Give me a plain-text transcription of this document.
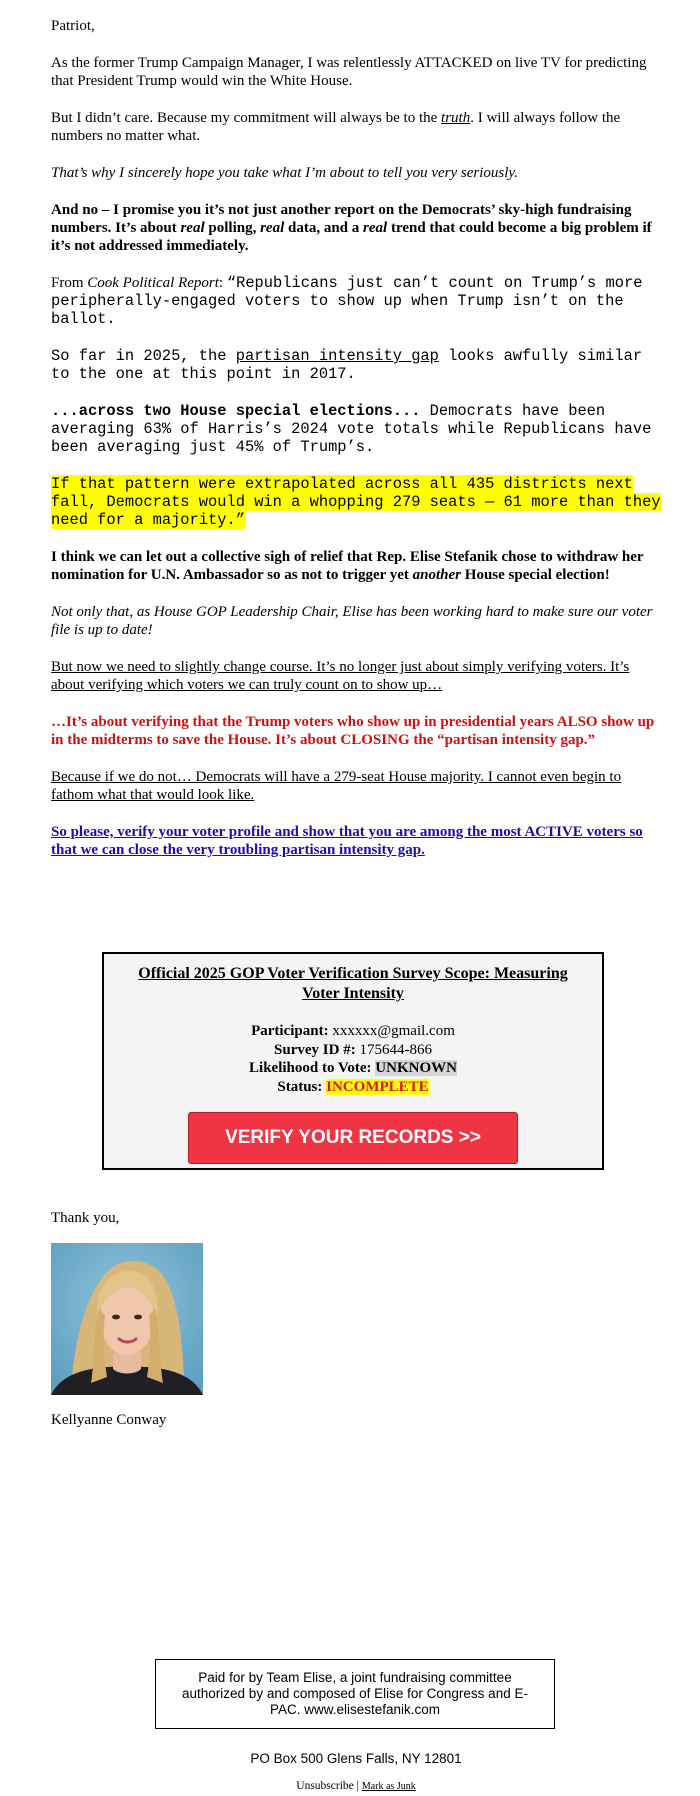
Patriot,

As the former Trump Campaign Manager, I was relentlessly ATTACKED on live TV for predicting that President Trump would win the White House.

But I didn’t care. Because my commitment will always be to the truth. I will always follow the numbers no matter what.

That’s why I sincerely hope you take what I’m about to tell you very seriously.

And no – I promise you it’s not just another report on the Democrats’ sky-high fundraising numbers. It’s about real polling, real data, and a real trend that could become a big problem if it’s not addressed immediately.

From Cook Political Report: “Republicans just can’t count on Trump’s more peripherally-engaged voters to show up when Trump isn’t on the ballot.

So far in 2025, the partisan intensity gap looks awfully similar to the one at this point in 2017.

...across two House special elections... Democrats have been averaging 63% of Harris’s 2024 vote totals while Republicans have been averaging just 45% of Trump’s.

If that pattern were extrapolated across all 435 districts next fall, Democrats would win a whopping 279 seats — 61 more than they need for a majority.”

I think we can let out a collective sigh of relief that Rep. Elise Stefanik chose to withdraw her nomination for U.N. Ambassador so as not to trigger yet another House special election!

Not only that, as House GOP Leadership Chair, Elise has been working hard to make sure our voter file is up to date!

But now we need to slightly change course. It’s no longer just about simply verifying voters. It’s about verifying which voters we can truly count on to show up…

…It’s about verifying that the Trump voters who show up in presidential years ALSO show up in the midterms to save the House. It’s about CLOSING the “partisan intensity gap.”

Because if we do not… Democrats will have a 279-seat House majority. I cannot even begin to fathom what that would look like.

So please, verify your voter profile and show that you are among the most ACTIVE voters so that we can close the very troubling partisan intensity gap.

Official 2025 GOP Voter Verification Survey Scope: Measuring Voter Intensity
Participant: xxxxxx@gmail.com
Survey ID #: 175644-866
Likelihood to Vote: UNKNOWN
Status: INCOMPLETE
VERIFY YOUR RECORDS >>
Thank you,
Kellyanne Conway
Paid for by Team Elise, a joint fundraising committee authorized by and composed of Elise for Congress and E-PAC. www.elisestefanik.com
PO Box 500 Glens Falls, NY 12801
Unsubscribe | Mark as Junk
